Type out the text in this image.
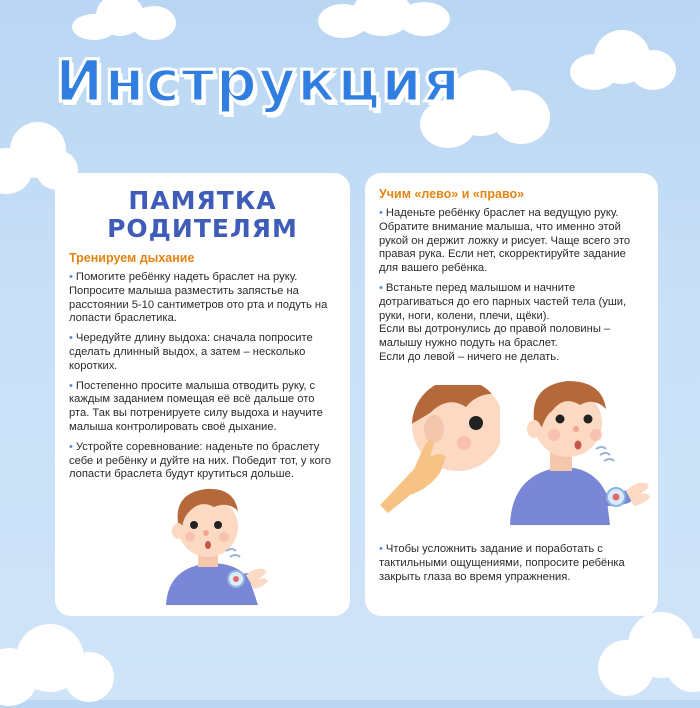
Инструкция
ПАМЯТКА
РОДИТЕЛЯМ
Тренируем дыхание
• Помогите ребёнку надеть браслет на руку. Попросите малыша разместить запястье на расстоянии 5-10 сантиметров ото рта и подуть на лопасти браслетика.
• Чередуйте длину выдоха: сначала попросите сделать длинный выдох, а затем – несколько коротких.
• Постепенно просите малыша отводить руку, с каждым заданием помещая её всё дальше ото рта. Так вы потренируете силу выдоха и научите малыша контролировать своё дыхание.
• Устройте соревнование: наденьте по браслету себе и ребёнку и дуйте на них. Победит тот, у кого лопасти браслета будут крутиться дольше.
Учим «лево» и «право»
• Наденьте ребёнку браслет на ведущую руку. Обратите внимание малыша, что именно этой рукой он держит ложку и рисует. Чаще всего это правая рука. Если нет, скорректируйте задание для вашего ребёнка.
• Встаньте перед малышом и начните дотрагиваться до его парных частей тела (уши, руки, ноги, колени, плечи, щёки).
Если вы дотронулись до правой половины – малышу нужно подуть на браслет.
Если до левой – ничего не делать.
• Чтобы усложнить задание и поработать с тактильными ощущениями, попросите ребёнка закрыть глаза во время упражнения.
